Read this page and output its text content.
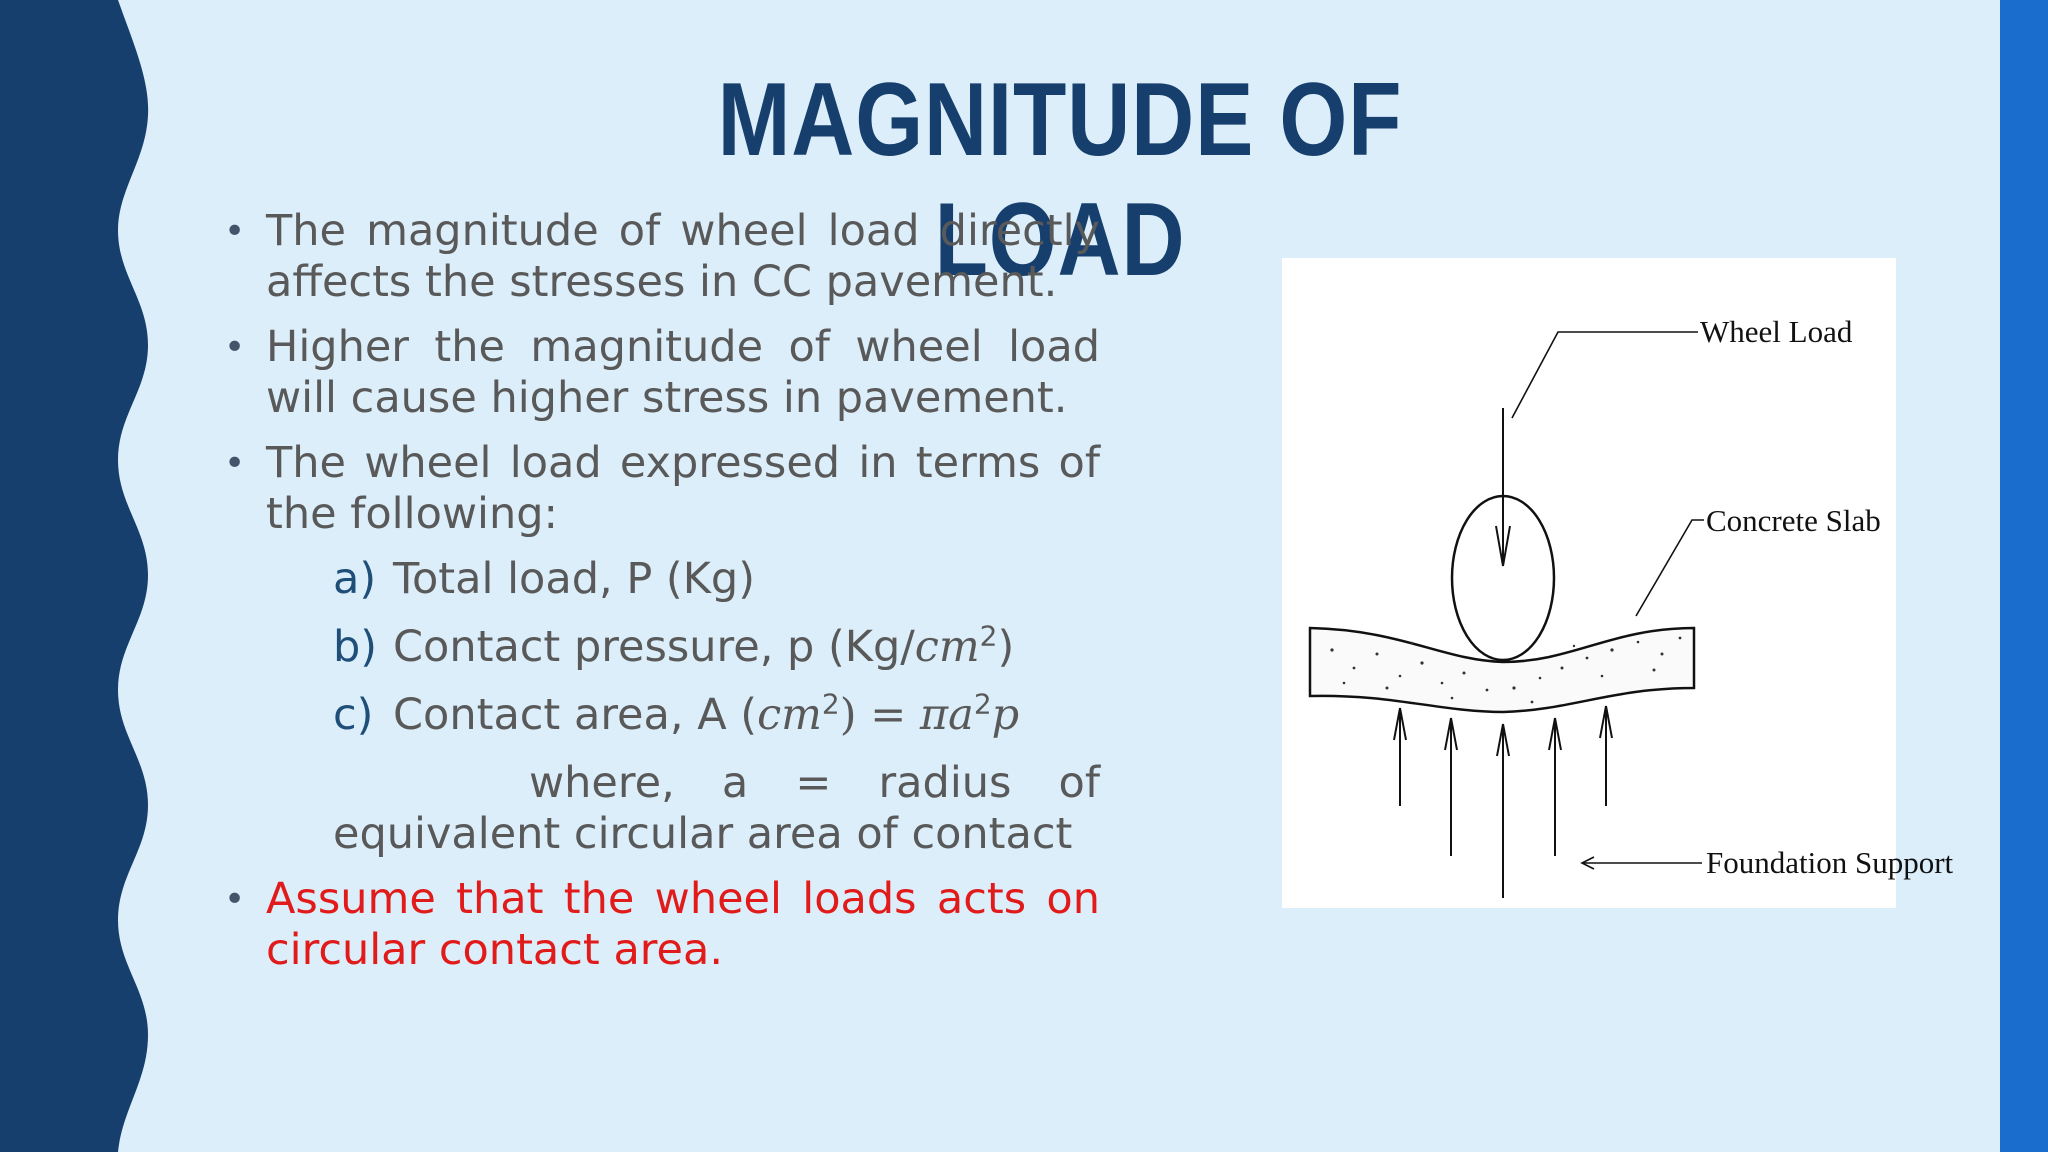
MAGNITUDE OF LOAD
• The magnitude of wheel load directly affects the stresses in CC pavement.
• Higher the magnitude of wheel load will cause higher stress in pavement.
• The wheel load expressed in terms of the following:
a) Total load, P (Kg)
b) Contact pressure, p $(Kg/cm^2)$
c) Contact area, A $(cm^2) = \pi a^2p$
where, a = radius of
equivalent circular area of contact
• Assume that the wheel loads acts on circular contact area.
Wheel Load
Concrete Slab
Foundation Support
